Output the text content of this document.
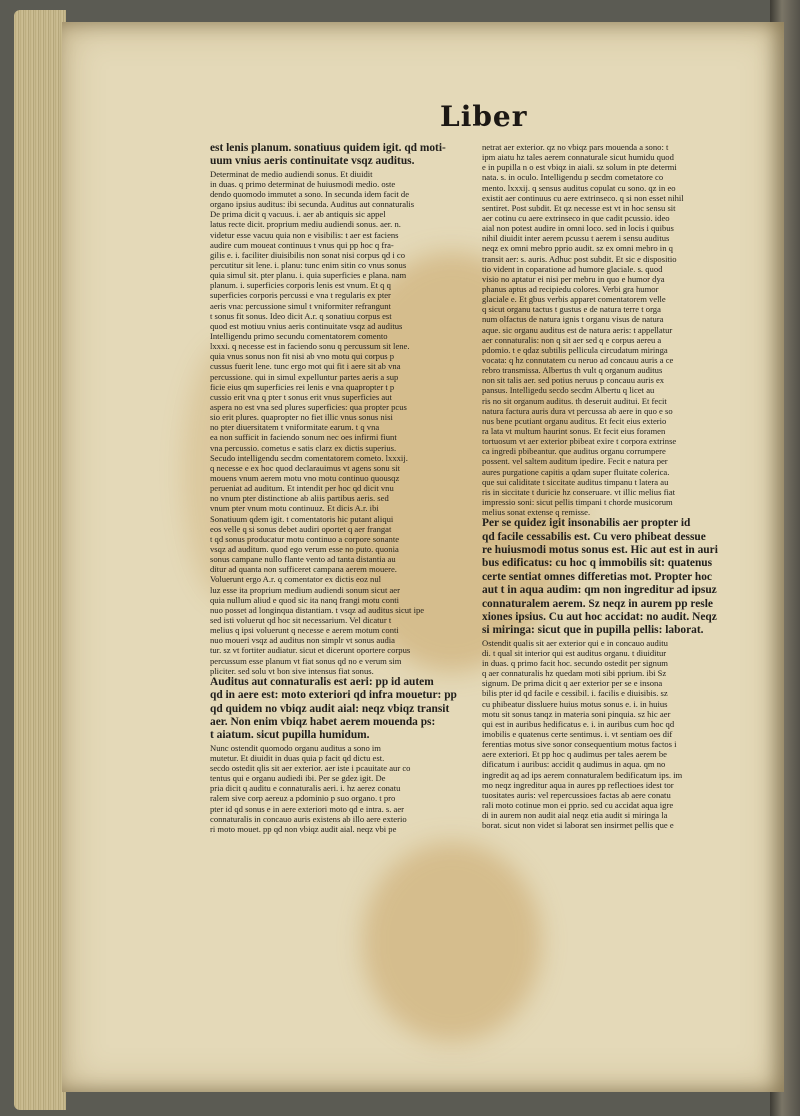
Liber
est lenis planum. sonatiuus quidem igit. qd moti-
uum vnius aeris continuitate vsqz auditus.
Determinat de medio audiendi sonus. Et diuidit
in duas. q primo determinat de huiusmodi medio. oste
dendo quomodo immutet a sono. In secunda idem facit de
organo ipsius auditus: ibi secunda. Auditus aut connaturalis
De prima dicit q vacuus. i. aer ab antiquis sic appel
latus recte dicit. proprium mediu audiendi sonus. aer. n.
videtur esse vacuu quia non e visibilis: t aer est faciens
audire cum moueat continuus t vnus qui pp hoc q fra-
gilis e. i. faciliter diuisibilis non sonat nisi corpus qd i co
percutitur sit lene. i. planu: tunc enim sitin co vnus sonus
quia simul sit. pter planu. i. quia superficies e plana. nam
planum. i. superficies corporis lenis est vnum. Et q q
superficies corporis percussi e vna t regularis ex pter
aeris vna: percussione simul t vniformiter refrangunt
t sonus fit sonus. Ideo dicit A.r. q sonatiuu corpus est
quod est motiuu vnius aeris continuitate vsqz ad auditus
Intelligendu primo secundu comentatorem comento
lxxxi. q necesse est in faciendo sonu q percussum sit lene.
quia vnus sonus non fit nisi ab vno motu qui corpus p
cussus fuerit lene. tunc ergo mot qui fit i aere sit ab vna
percussione. qui in simul expelluntur partes aeris a sup
ficie eius qm superficies rei lenis e vna quapropter t p
cussio erit vna q pter t sonus erit vnus superficies aut
aspera no est vna sed plures superficies: qua propter pcus
sio erit plures. quapropter no fiet illic vnus sonus nisi
no pter diuersitatem t vniformitate earum. t q vna
ea non sufficit in faciendo sonum nec oes infirmi fiunt
vna percussio. cometus e satis clarz ex dictis superius.
Secudo intelligendu secdm comentatorem cometo. lxxxij.
q necesse e ex hoc quod declarauimus vt agens sonu sit
mouens vnum aerem motu vno motu continuo quousqz
perueniat ad auditum. Et intendit per hoc qd dicit vnu
no vnum pter distinctione ab aliis partibus aeris. sed
vnum pter vnum motu continuuz. Et dicis A.r. ibi
Sonatiuum qdem igit. t comentatoris hic putant aliqui
eos velle q si sonus debet audiri oportet q aer frangat
t qd sonus producatur motu continuo a corpore sonante
vsqz ad auditum. quod ego verum esse no puto. quonia
sonus campane nullo flante vento ad tanta distantia au
ditur ad quanta non sufficeret campana aerem mouere.
Voluerunt ergo A.r. q comentator ex dictis eoz nul
luz esse ita proprium medium audiendi sonum sicut aer
quia nullum aliud e quod sic ita nanq frangi motu conti
nuo posset ad longinqua distantiam. t vsqz ad auditus sicut ipe
sed isti voluerut qd hoc sit necessarium. Vel dicatur t
melius q ipsi voluerunt q necesse e aerem motum conti
nuo moueri vsqz ad auditus non simplr vt sonus audia
tur. sz vt fortiter audiatur. sicut et dicerunt oportere corpus
percussum esse planum vt fiat sonus qd no e verum sim
pliciter. sed solu vt bon sive intensus fiat sonus.
Auditus aut connaturalis est aeri: pp id autem
qd in aere est: moto exteriori qd infra mouetur: pp
qd quidem no vbiqz audit aial: neqz vbiqz transit
aer. Non enim vbiqz habet aerem mouenda ps:
t aiatum. sicut pupilla humidum.
Nunc ostendit quomodo organu auditus a sono im
mutetur. Et diuidit in duas quia p facit qd dictu est.
secdo ostedit qlis sit aer exterior. aer iste i pcauitate aur co
tentus qui e organu audiedi ibi. Per se gdez igit. De
pria dicit q auditu e connaturalis aeri. i. hz aerez conatu
ralem sive corp aereuz a pdominio p suo organo. t pro
pter id qd sonus e in aere exteriori moto qd e intra. s. aer
connaturalis in concauo auris existens ab illo aere exterio
ri moto mouet. pp qd non vbiqz audit aial. neqz vbi pe
netrat aer exterior. qz no vbiqz pars mouenda a sono: t
ipm aiatu hz tales aerem connaturale sicut humidu quod
e in pupilla n o est vbiqz in aiali. sz solum in pte determi
nata. s. in oculo. Intelligendu p secdm cometatore co
mento. lxxxij. q sensus auditus copulat cu sono. qz in eo
existit aer continuus cu aere extrinseco. q si non esset nihil
sentiret. Post subdit. Et qz necesse est vt in hoc sensu sit
aer cotinu cu aere extrinseco in que cadit pcussio. ideo
aial non potest audire in omni loco. sed in locis i quibus
nihil diuidit inter aerem pcussu t aerem i sensu auditus
neqz ex omni mebro pprio audit. sz ex omni mebro in q
transit aer: s. auris. Adhuc post subdit. Et sic e dispositio
tio vident in coparatione ad humore glaciale. s. quod
visio no aptatur ei nisi per mebru in quo e humor dya
phanus aptus ad recipiedu colores. Verbi gra humor
glaciale e. Et gbus verbis apparet comentatorem velle
q sicut organu tactus t gustus e de natura terre t orga
num olfactus de natura ignis t organu visus de natura
aque. sic organu auditus est de natura aeris: t appellatur
aer connaturalis: non q sit aer sed q e corpus aereu a
pdomio. t e qdaz subtilis pellicula circudatum miringa
vocata: q hz connutatem cu neruo ad concauu auris a ce
rebro transmissa. Albertus th vult q organum auditus
non sit talis aer. sed potius neruus p concauu auris ex
pansus. Intelligedu secdo secdm Albertu q licet au
ris no sit organum auditus. th deseruit auditui. Et fecit
natura factura auris dura vt percussa ab aere in quo e so
nus bene pcutiant organu auditus. Et fecit eius exterio
ra lata vt multum haurint sonus. Et fecit eius foramen
tortuosum vt aer exterior pbibeat exire t corpora extrinse
ca ingredi pbibeantur. que auditus organu corrumpere
possent. vel saltem auditum ipedire. Fecit e natura per
aures purgatione capitis a qdam super fluitate colerica.
que sui caliditate t siccitate auditus timpanu t latera au
ris in siccitate t duricie hz conseruare. vt illic melius fiat
impressio soni: sicut pellis timpani t chorde musicorum
melius sonat extense q remisse.
Per se quidez igit insonabilis aer propter id
qd facile cessabilis est. Cu vero phibeat dessue
re huiusmodi motus sonus est. Hic aut est in auri
bus edificatus: cu hoc q immobilis sit: quatenus
certe sentiat omnes differetias mot. Propter hoc
aut t in aqua audim: qm non ingreditur ad ipsuz
connaturalem aerem. Sz neqz in aurem pp resle
xiones ipsius. Cu aut hoc accidat: no audit. Neqz
si miringa: sicut que in pupilla pellis: laborat.
Ostendit qualis sit aer exterior qui e in concauo auditu
di. t qual sit interior qui est auditus organu. t diuiditur
in duas. q primo facit hoc. secundo ostedit per signum
q aer connaturalis hz quedam moti sibi pprium. ibi Sz
signum. De prima dicit q aer exterior per se e insona
bilis pter id qd facile e cessibil. i. facilis e diuisibis. sz
cu phibeatur dissluere huius motus sonus e. i. in huius
motu sit sonus tanqz in materia soni pinquia. sz hic aer
qui est in auribus hedificatus e. i. in auribus cum hoc qd
imobilis e quatenus certe sentimus. i. vt sentiam oes dif
ferentias motus sive sonor consequentium motus factos i
aere exteriori. Et pp hoc q audimus per tales aerem be
dificatum i auribus: accidit q audimus in aqua. qm no
ingredit aq ad ips aerem connaturalem bedificatum ips. im
mo neqz ingreditur aqua in aures pp reflectioes idest tor
tuositates auris: vel repercussioes factas ab aere conatu
rali moto cotinue mon ei pprio. sed cu accidat aqua igre
di in aurem non audit aial neqz etia audit si miringa la
borat. sicut non videt si laborat sen insirmet pellis que e
